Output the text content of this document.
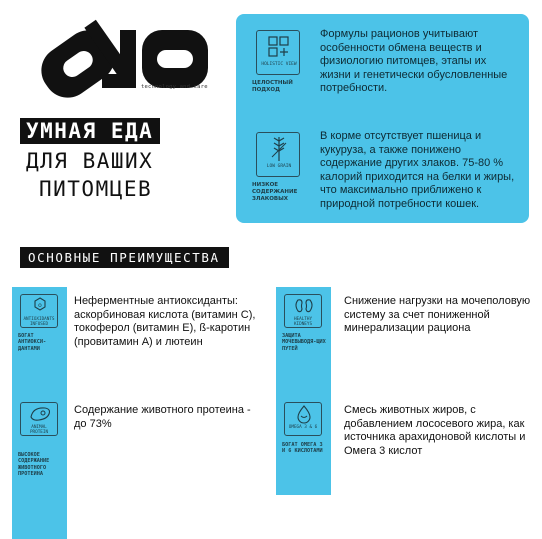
technology and care
УМНАЯ ЕДА
ДЛЯ ВАШИХ
ПИТОМЦЕВ
HOLISTIC VIEW
ЦЕЛОСТНЫЙ ПОДХОД
Формулы рационов учитывают особенности обмена веществ и физиологию питомцев, этапы их жизни и генетически обусловленные потребности.
LOW GRAIN
НИЗКОЕ СОДЕРЖАНИЕ ЗЛАКОВЫХ
В корме отсутствует пшеница и кукуруза, а также понижено содержание других злаков. 75-80 % калорий приходится на белки и жиры, что максимально приближено к природной потребности кошек.
ОСНОВНЫЕ ПРЕИМУЩЕСТВА
o
ANTIOXIDANTS INFUSED
БОГАТ АНТИОКСИ-ДАНТАМИ
Неферментные антиоксиданты: аскорбиновая кислота (витамин С), токоферол (витамин Е), ß-каротин (провитамин А) и лютеин
HEALTHY KIDNEYS
ЗАЩИТА МОЧЕВЫВОДЯ-ЩИХ ПУТЕЙ
Снижение нагрузки на мочеполовую систему за счет пониженной минерализации рациона
ANIMAL PROTEIN
ВЫСОКОЕ СОДЕРЖАНИЕ ЖИВОТНОГО ПРОТЕИНА
Содержание животного протеина - до 73%	OMEGA 3 & 6
БОГАТ ОМЕГА 3 И 6 КИСЛОТАМИ
Смесь животных жиров, с добавлением лососевого жира, как источника арахидоновой кислоты и Омега 3 кислот
